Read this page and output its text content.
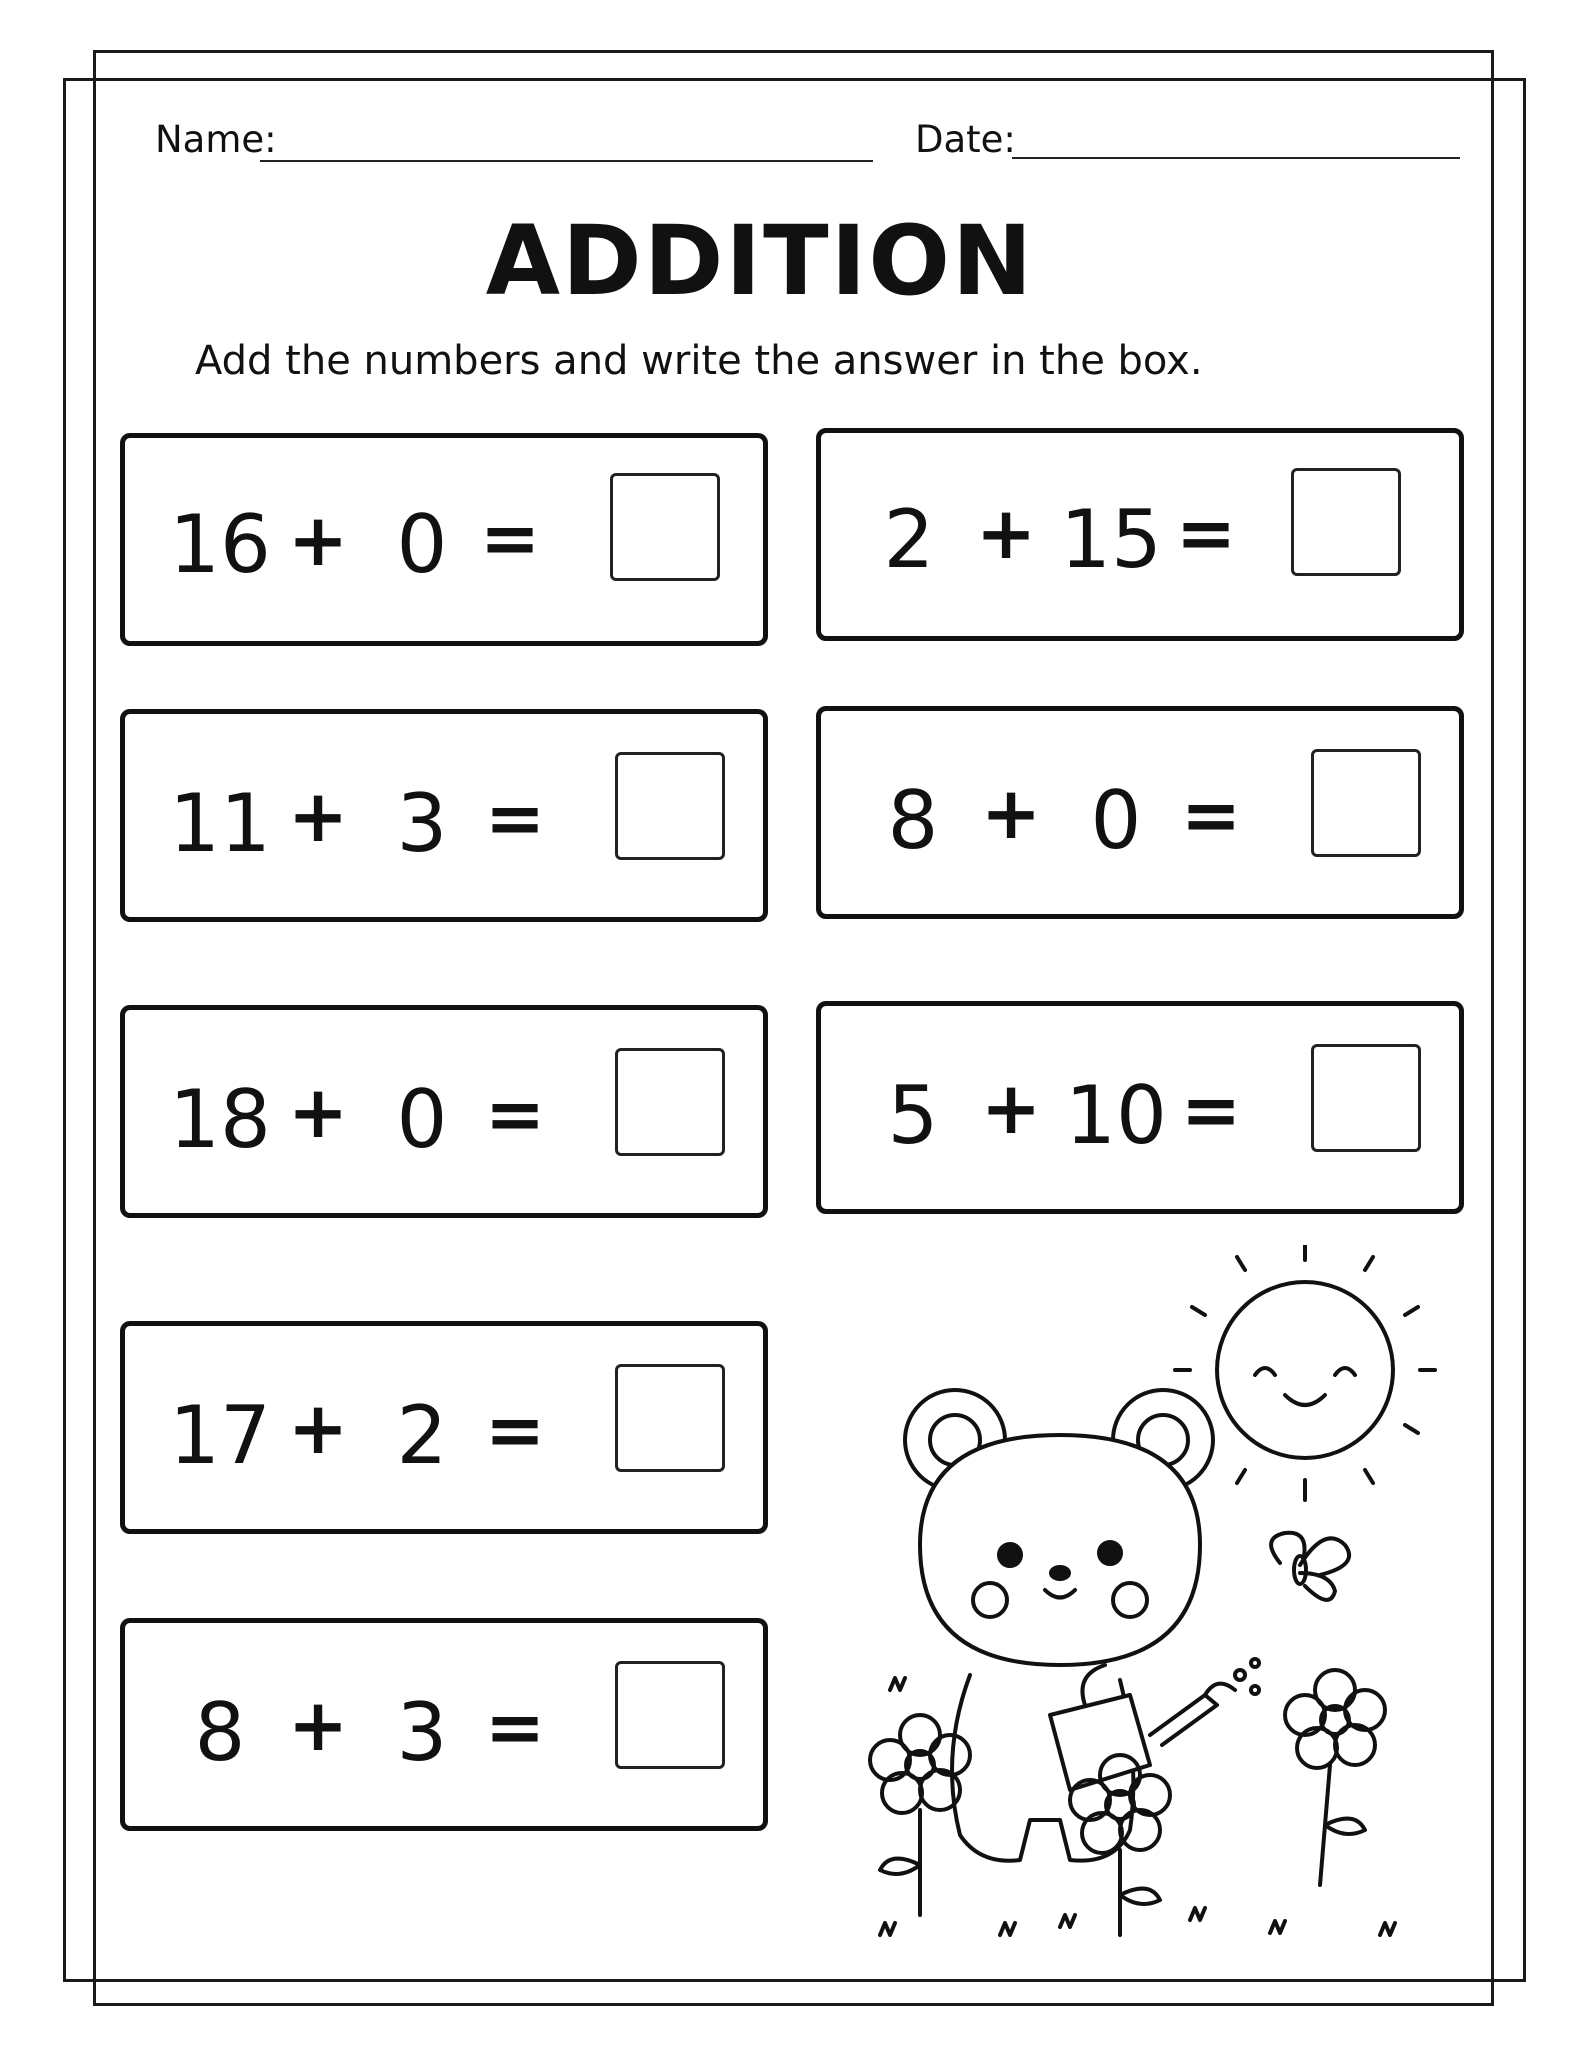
Name:	Date:
ADDITION
Add the numbers and write the answer in the box.
16 + 0 =	2 + 15 =
11 + 3 =	8 + 0 =
18 + 0 =	5 + 10 =
17 + 2 =
8 + 3 =
